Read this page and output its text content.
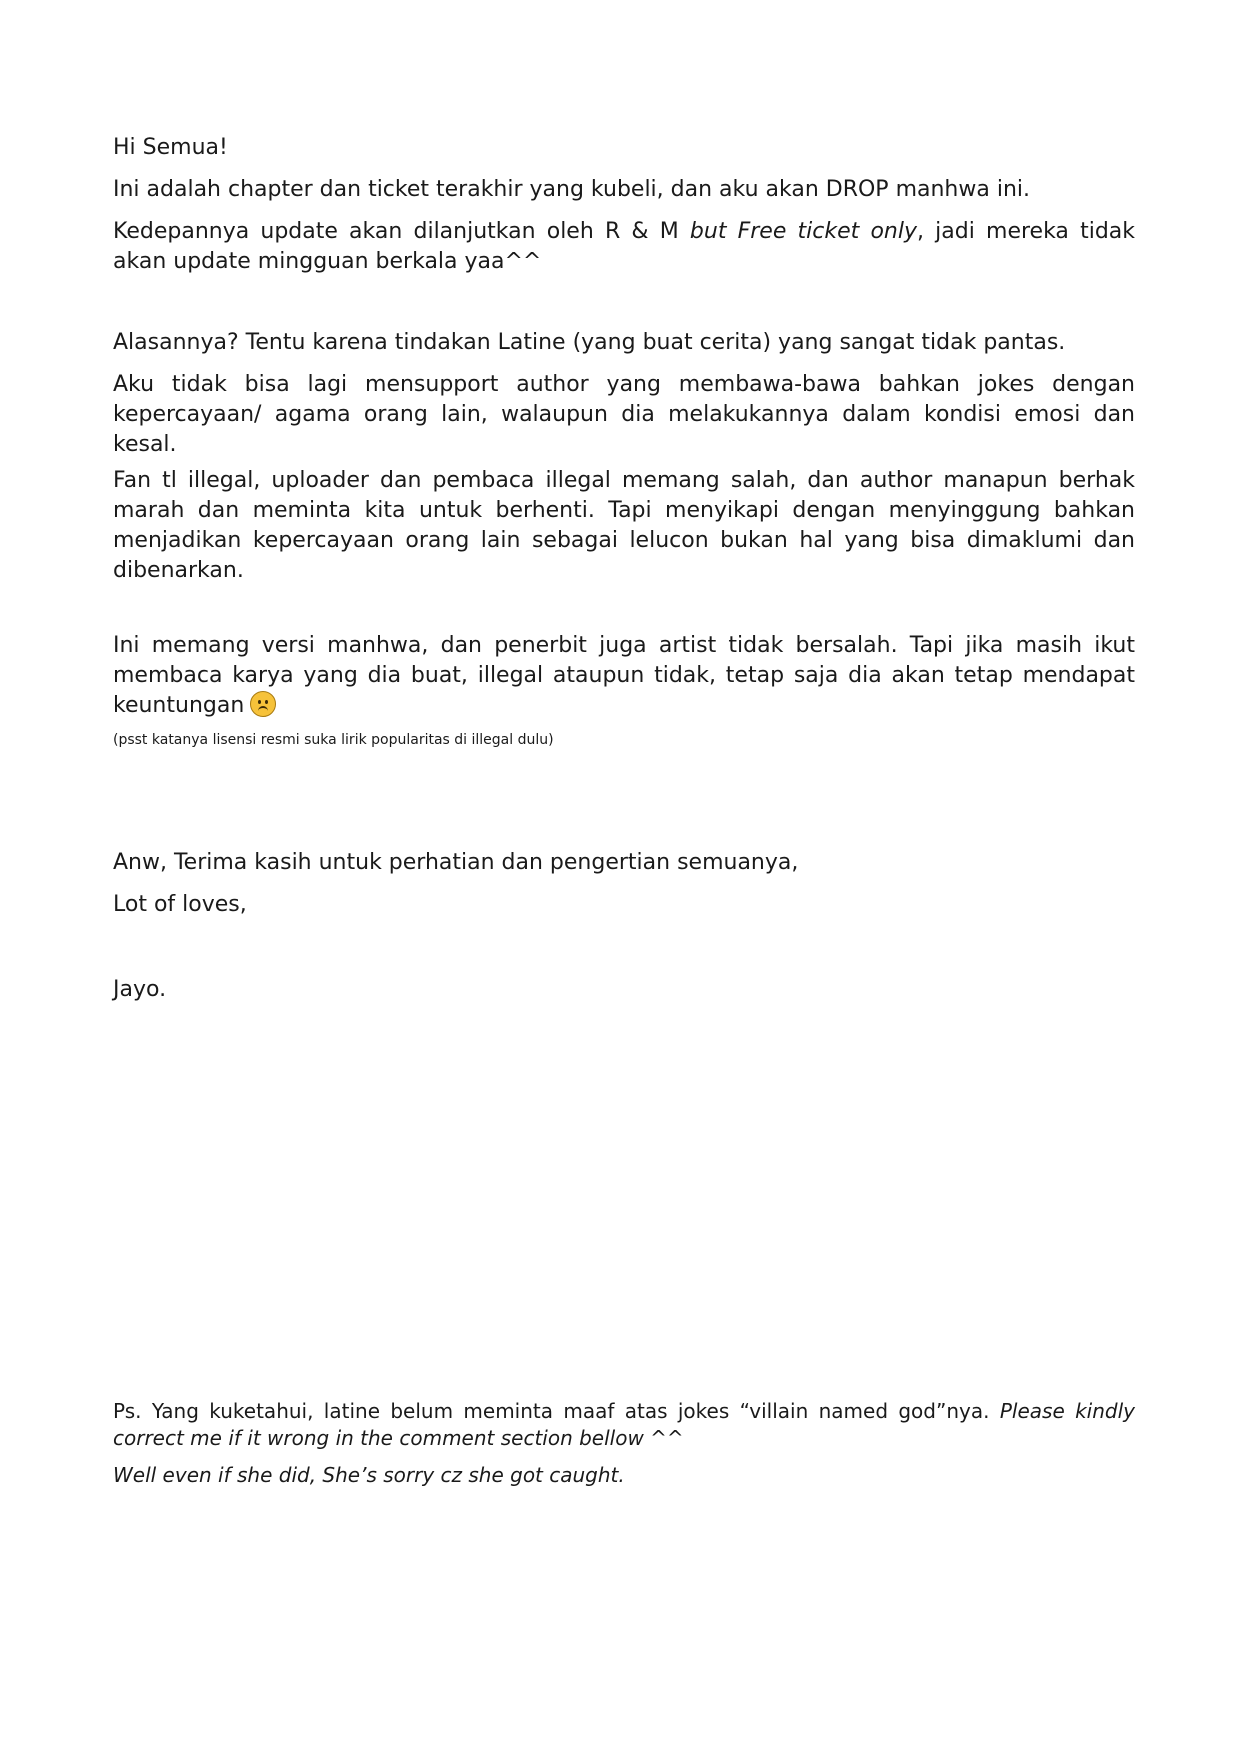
Hi Semua!

Ini adalah chapter dan ticket terakhir yang kubeli, dan aku akan DROP manhwa ini.

Kedepannya update akan dilanjutkan oleh R & M but Free ticket only, jadi mereka tidak akan update mingguan berkala yaa^^

Alasannya? Tentu karena tindakan Latine (yang buat cerita) yang sangat tidak pantas.

Aku tidak bisa lagi mensupport author yang membawa-bawa bahkan jokes dengan kepercayaan/ agama orang lain, walaupun dia melakukannya dalam kondisi emosi dan kesal.

Fan tl illegal, uploader dan pembaca illegal memang salah, dan author manapun berhak marah dan meminta kita untuk berhenti. Tapi menyikapi dengan menyinggung bahkan menjadikan kepercayaan orang lain sebagai lelucon bukan hal yang bisa dimaklumi dan dibenarkan.

Ini memang versi manhwa, dan penerbit juga artist tidak bersalah. Tapi jika masih ikut membaca karya yang dia buat, illegal ataupun tidak, tetap saja dia akan tetap mendapat keuntungan

(psst katanya lisensi resmi suka lirik popularitas di illegal dulu)

Anw, Terima kasih untuk perhatian dan pengertian semuanya,

Lot of loves,

Jayo.

Ps. Yang kuketahui, latine belum meminta maaf atas jokes “villain named god”nya. Please kindly correct me if it wrong in the comment section bellow ^^

Well even if she did, She’s sorry cz she got caught.
